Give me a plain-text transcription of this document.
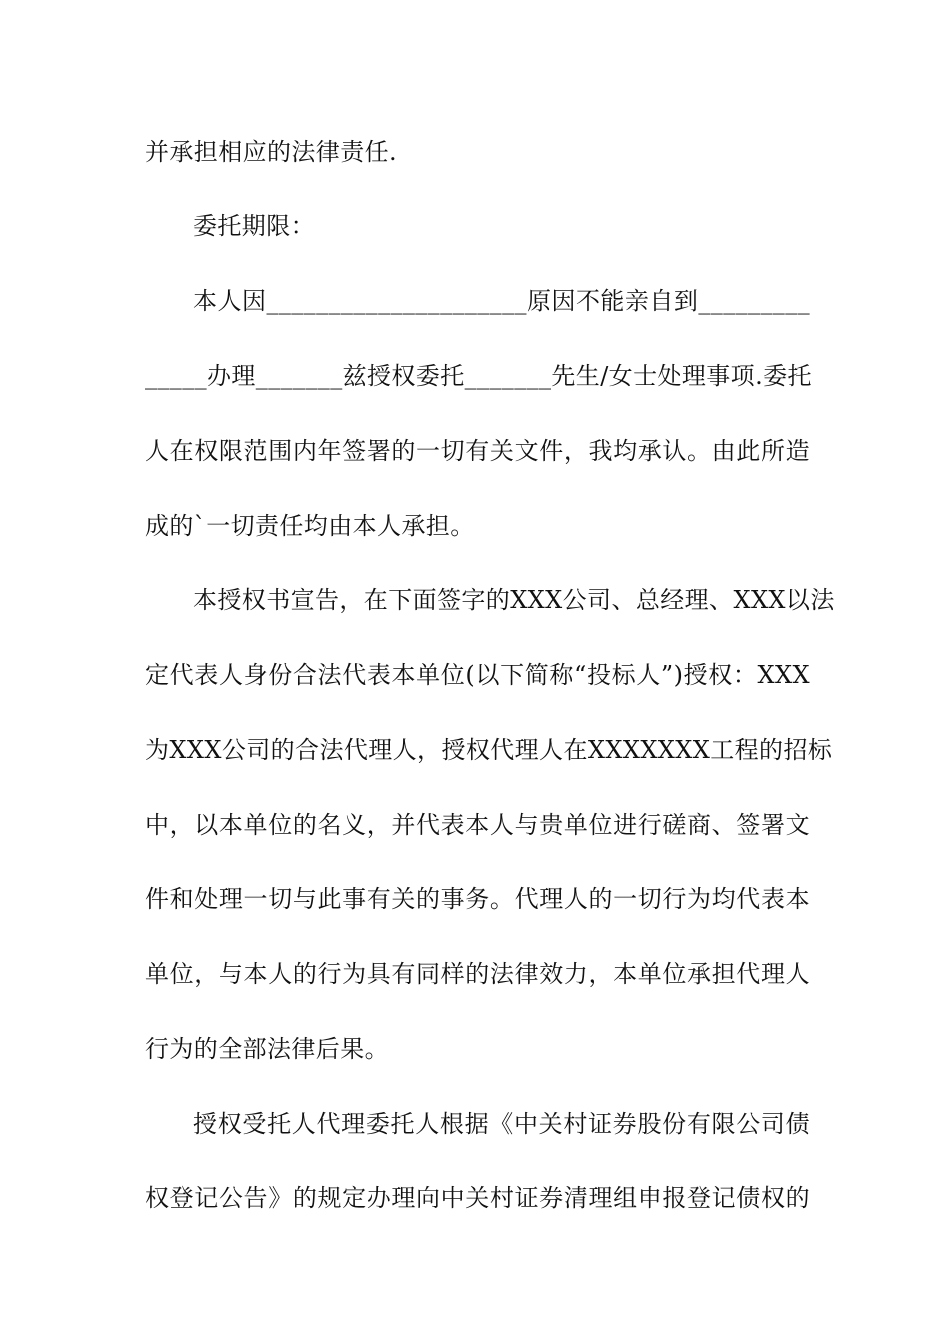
并承担相应的法律责任.
委托期限：
本人因_____________________原因不能亲自到_________
_____办理_______兹授权委托_______先生/女士处理事项.委托
人在权限范围内年签署的一切有关文件，我均承认。由此所造
成的`一切责任均由本人承担。
本授权书宣告，在下面签字的XXX公司、总经理、XXX以法
定代表人身份合法代表本单位(以下简称“投标人”)授权：XXX
为XXX公司的合法代理人，授权代理人在XXXXXXX工程的招标
中，以本单位的名义，并代表本人与贵单位进行磋商、签署文
件和处理一切与此事有关的事务。代理人的一切行为均代表本
单位，与本人的行为具有同样的法律效力，本单位承担代理人
行为的全部法律后果。
授权受托人代理委托人根据《中关村证券股份有限公司债
权登记公告》的规定办理向中关村证券清理组申报登记债权的
